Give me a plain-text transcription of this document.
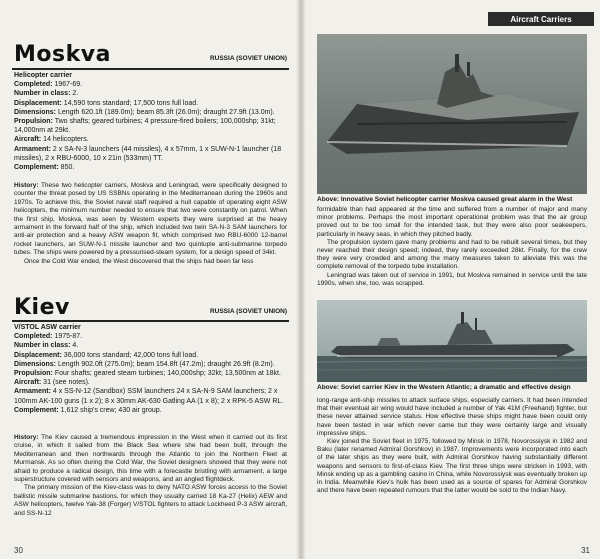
Moskva	RUSSIA (SOVIET UNION)
Helicopter carrier
Completed: 1967-69.
Number in class: 2.
Displacement: 14,590 tons standard; 17,500 tons full load.
Dimensions: Length 620.1ft (189.0m); beam 85.3ft (26.0m); draught 27.9ft (13.0m).
Propulsion: Two shafts; geared turbines; 4 pressure-fired boilers; 100,000shp; 31kt; 14,000nm at 29kt.
Aircraft: 14 helicopters.
Armament: 2 x SA-N-3 launchers (44 missiles), 4 x 57mm, 1 x SUW-N-1 launcher (18 missiles), 2 x RBU-6000, 10 x 21in (533mm) TT.
Complement: 850.

History: These two helicopter carriers, Moskva and Leningrad, were specifically designed to counter the threat posed by US SSBNs operating in the Mediterranean during the 1960s and 1970s. To achieve this, the Soviet naval staff required a hull capable of operating eight ASW helicopters, the minimum number needed to ensure that two were constantly on patrol. When the first ship, Moskva, was seen by Western experts they were surprised at the heavy armament in the forward half of the ship, which included two twin SA-N-3 SAM launchers for anti-air protection and a heavy ASW weapon fit, which comprised two RBU-6000 12-barrel rocket launchers, an SUW-N-1 missile launcher and two quintuple anti-submarine torpedo tubes. The ships were powered by a pressurised-steam system, for a design speed of 34kt.
Once the Cold War ended, the West discovered that the ships had been far less

Kiev	RUSSIA (SOVIET UNION)
V/STOL ASW carrier
Completed: 1975-87.
Number in class: 4.
Displacement: 36,000 tons standard; 42,000 tons full load.
Dimensions: Length 902.0ft (275.0m); beam 154.8ft (47.2m); draught 26.9ft (8.2m).
Propulsion: Four shafts; geared steam turbines; 140,000shp; 32kt; 13,500nm at 18kt.
Aircraft: 31 (see notes).
Armament: 4 x SS-N-12 (Sandbox) SSM launchers 24 x SA-N-9 SAM launchers; 2 x 100mm AK-100 guns (1 x 2); 8 x 30mm AK-630 Gatling AA (1 x 8); 2 x RPK-5 ASW RL.
Complement: 1,612 ship's crew; 430 air group.

History: The Kiev caused a tremendous impression in the West when it carried out its first cruise, in which it sailed from the Black Sea where she had been built, through the Mediterranean and then northwards through the Atlantic to join the Northern Fleet at Murmansk. As so often during the Cold War, the Soviet designers showed that they were not afraid to produce a radical design, this time with a forecastle bristling with armament, a large superstructure covered with sensors and weapons, and an angled flightdeck.
The primary mission of the Kiev-class was to deny NATO ASW forces access to the Soviet ballistic missile submarine bastions, for which they usually carried 18 Ka-27 (Helix) AEW and ASW helicopters, twelve Yak-38 (Forger) V/STOL fighters to attack Lockheed P-3 ASW aircraft, and SS-N-12

30
Aircraft Carriers
Above: Innovative Soviet helicopter carrier Moskva caused great alarm in the West

formidable than had appeared at the time and suffered from a number of major and many minor problems. Perhaps the most important operational problem was that the air group proved out to be too small for the intended task, but they were also poor seakeepers, particularly in heavy seas, in which they pitched badly.
The propulsion system gave many problems and had to be rebuilt several times, but they never reached their design speed; indeed, they rarely exceeded 28kt. Finally, for the crew they were very crowded and among the many measures taken to alleviate this was the complete removal of the torpedo tube installation.
Leningrad was taken out of service in 1991, but Moskva remained in service until the late 1990s, when she, too, was scrapped.

Above: Soviet carrier Kiev in the Western Atlantic; a dramatic and effective design

long-range anti-ship missiles to attack surface ships, especially carriers. It had been intended that their eventual air wing would have included a number of Yak 41M (Freehand) fighter, but these never attained service status. How effective these ships might have been could only have been tested in war which never came but they were certainly large and visually impressive ships.
Kiev joined the Soviet fleet in 1975, followed by Minsk in 1978, Novorossiysk in 1982 and Baku (later renamed Admiral Gorshkov) in 1987. Improvements were incorporated into each of the later ships as they were built, with Admiral Gorshkov having substantially different weapons and sensors to first-of-class Kiev. The first three ships were stricken in 1993, with Minsk ending up as a gambling casino in China, while Novorossiysk was eventually broken up in India. Meanwhile Kiev's hulk has been used as a source of spares for Admiral Gorshkov and there have been repeated rumours that the latter would be sold to the Indian Navy.

31
